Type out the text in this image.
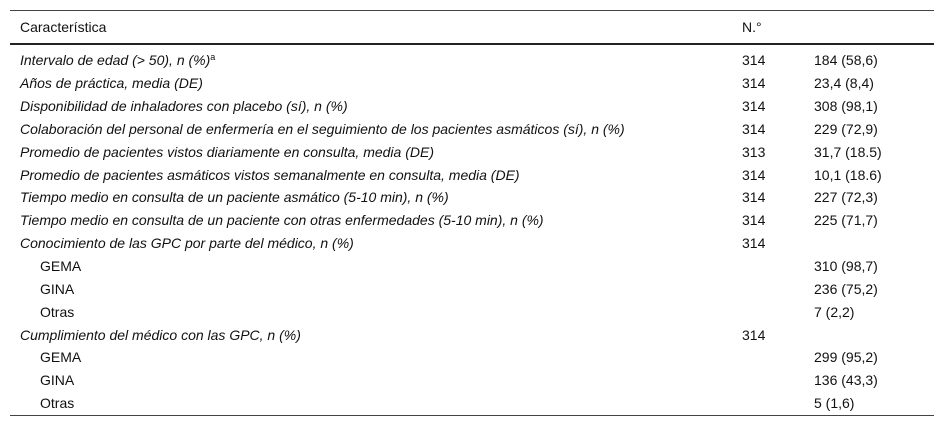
Característica	N.°	
Intervalo de edad (> 50), n (%)$^a$	314	184 (58,6)
Años de práctica, media (DE)	314	23,4 (8,4)
Disponibilidad de inhaladores con placebo (sí), n (%)	314	308 (98,1)
Colaboración del personal de enfermería en el seguimiento de los pacientes asmáticos (sí), n (%)	314	229 (72,9)
Promedio de pacientes vistos diariamente en consulta, media (DE)	313	31,7 (18.5)
Promedio de pacientes asmáticos vistos semanalmente en consulta, media (DE)	314	10,1 (18.6)
Tiempo medio en consulta de un paciente asmático (5-10 min), n (%)	314	227 (72,3)
Tiempo medio en consulta de un paciente con otras enfermedades (5-10 min), n (%)	314	225 (71,7)
Conocimiento de las GPC por parte del médico, n (%)	314	
GEMA		310 (98,7)
GINA		236 (75,2)
Otras		7 (2,2)
Cumplimiento del médico con las GPC, n (%)	314	
GEMA		299 (95,2)
GINA		136 (43,3)
Otras		5 (1,6)
